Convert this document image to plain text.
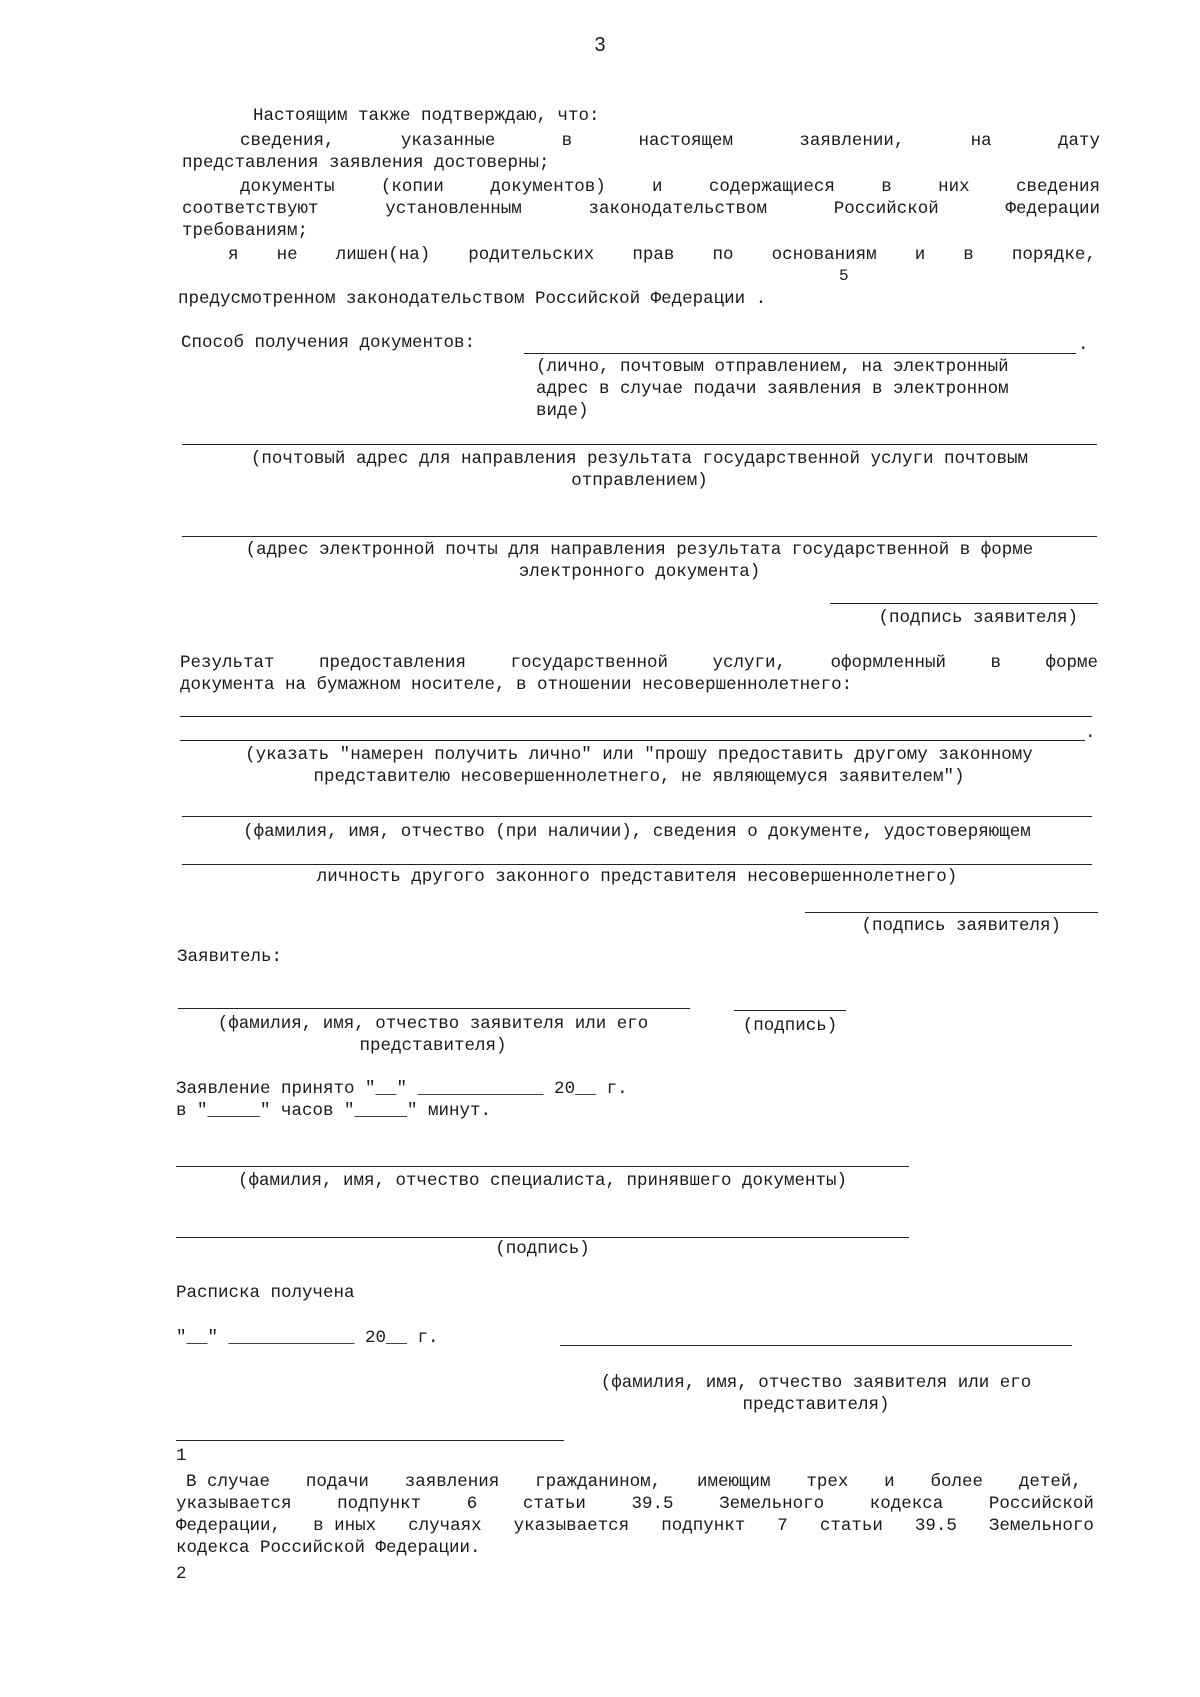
3
Настоящим также подтверждаю, что:
сведения,	указанные	в	настоящем	заявлении,	на	дату
представления заявления достоверны;
документы	(копии	документов)	и	содержащиеся	в	них	сведения
соответствуют	установленным	законодательством	Российской	Федерации
требованиям;
я не лишен(на) родительских прав по основаниям и в порядке,
5
предусмотренном законодательством Российской Федерации .
Способ получения документов:	.
(лично, почтовым отправлением, на электронный
адрес в случае подачи заявления в электронном
виде)
(почтовый адрес для направления результата государственной услуги почтовым
отправлением)
(адрес электронной почты для направления результата государственной в форме
электронного документа)
(подпись заявителя)
Результат	предоставления	государственной	услуги,	оформленный	в	форме
документа на бумажном носителе, в отношении несовершеннолетнего:
.
(указать "намерен получить лично" или "прошу предоставить другому законному
представителю несовершеннолетнего, не являющемуся заявителем")
(фамилия, имя, отчество (при наличии), сведения о документе, удостоверяющем
личность другого законного представителя несовершеннолетнего)
(подпись заявителя)
Заявитель:
(фамилия, имя, отчество заявителя или его
представителя)
(подпись)
Заявление принято "__" ____________ 20__ г.
в "_____" часов "_____" минут.
(фамилия, имя, отчество специалиста, принявшего документы)
(подпись)
Расписка получена
"__" ____________ 20__ г.
(фамилия, имя, отчество заявителя или его
представителя)
1
В случае подачи заявления гражданином, имеющим трех и более детей,
указывается	подпункт	6	статьи	39.5	Земельного	кодекса	Российской
Федерации, в иных случаях указывается подпункт 7 статьи 39.5 Земельного
кодекса Российской Федерации.
2
